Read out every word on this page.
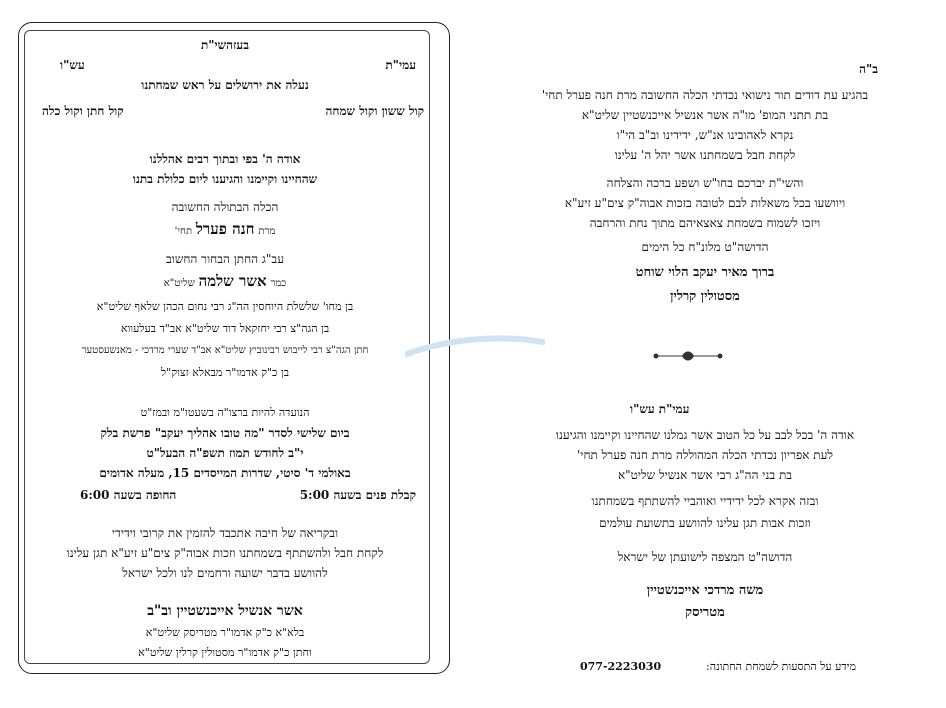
בעזהשי"ת
עמי"ת
עש"ו
נעלה את ירושלים על ראש שמחתנו
קול ששון וקול שמחה
קול חתן וקול כלה
אודה ה' בפי ובתוך רבים אהללנו
שהחיינו וקיימנו והגיענו ליום כלולת בתנו
הכלה הבתולה החשובה
מרת חנה פערל תחי'
עב"ג החתן הבחור החשוב
כמר אשר שלמה שליט"א
בן מחו' שלשלת היוחסין הה"ג רבי נחום הכהן שלאף שליט"א
בן הגה"צ רבי יחזקאל דוד שליט"א אב"ד בעלעווא
חתן הגה"צ רבי לייבוש רבינוביץ שליט"א אב"ד שערי מרדכי - מאנשעסטער
בן כ"ק אדמו"ר מבאלא זצוק"ל
הנועדה להיות ברצו"ה בשעטו"מ ובמז"ט
ביום שלישי לסדר "מה טובו אהליך יעקב" פרשת בלק
י"ב לחודש תמוז תשפ"ה הבעל"ט
באולמי ד' סיטי, שדרות המייסדים 15, מעלה אדומים
קבלת פנים בשעה 5:00
החופה בשעה 6:00
ובקריאה של חיבה אתכבד להזמין את קרובי וידידי
לקחת חבל ולהשתתף בשמחתנו וזכות אבוה"ק צים"ע זיע"א תגן עלינו
להוושע בדבר ישועה ורחמים לנו ולכל ישראל
אשר אנשיל אייכנשטיין וב"ב
בלא"א כ"ק אדמו"ר מטריסק שליט"א
וחתן כ"ק אדמו"ר מסטולין קרלין שליט"א
ב"ה
בהגיע עת דודים תור נישואי נכדתי הכלה החשובה מרת חנה פערל תחי'
בת תתני המופ' מו"ה אשר אנשיל אייכנשטיין שליט"א
נקרא לאהובינו אנ"ש, ידידינו וב"ב הי"ו
לקחת חבל בשמחתנו אשר יהל ה' עלינו
והשי"ת יברכם בחו"ש ושפע ברכה והצלחה
ויוושעו בכל משאלות לבם לטובה בזכות אבוה"ק צים"ע זיע"א
ויזכו לשמוח בשמחת צאצאיהם מתוך נחת והרחבה
הדושה"ט מלונ"ח כל הימים
ברוך מאיר יעקב הלוי שוחט
מסטולין קרלין
עמי"ת עש"ו
אודה ה' בכל לבב על כל הטוב אשר גמלנו שהחיינו וקיימנו והגיענו
לעת אפריון נכדתי הכלה המהוללה מרת חנה פערל תחי'
בת בני הה"ג רבי אשר אנשיל שליט"א
ובזה אקרא לכל ידידיי ואוהביי להשתתף בשמחתנו
וזכות אבות תגן עלינו להוושע בתשועת עולמים
הדושה"ט המצפה לישועתן של ישראל
משה מרדכי אייכנשטיין
מטריסק
מידע על התסעות לשמחת החתונה:
077-2223030
